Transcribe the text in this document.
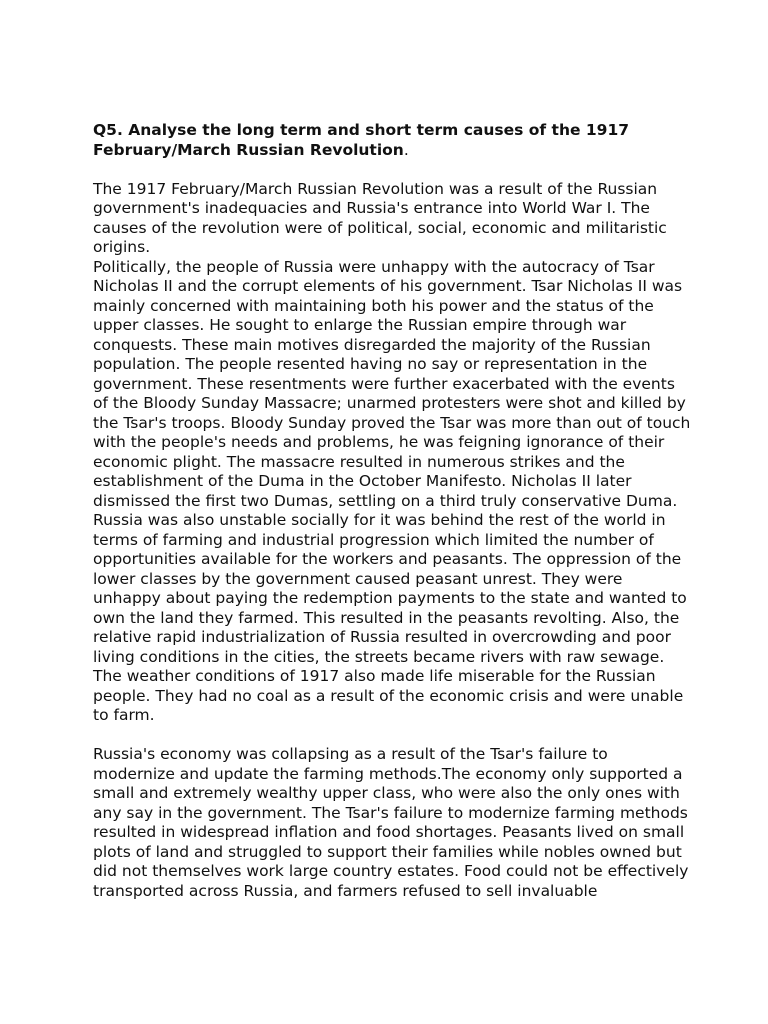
Q5. Analyse the long term and short term causes of the 1917 February/March Russian Revolution.

The 1917 February/March Russian Revolution was a result of the Russian government's inadequacies and Russia's entrance into World War I. The causes of the revolution were of political, social, economic and militaristic origins.

Politically, the people of Russia were unhappy with the autocracy of Tsar Nicholas II and the corrupt elements of his government. Tsar Nicholas II was mainly concerned with maintaining both his power and the status of the upper classes. He sought to enlarge the Russian empire through war conquests. These main motives disregarded the majority of the Russian population. The people resented having no say or representation in the government. These resentments were further exacerbated with the events of the Bloody Sunday Massacre; unarmed protesters were shot and killed by the Tsar's troops. Bloody Sunday proved the Tsar was more than out of touch with the people's needs and problems, he was feigning ignorance of their economic plight. The massacre resulted in numerous strikes and the establishment of the Duma in the October Manifesto. Nicholas II later dismissed the first two Dumas, settling on a third truly conservative Duma.

Russia was also unstable socially for it was behind the rest of the world in terms of farming and industrial progression which limited the number of opportunities available for the workers and peasants. The oppression of the lower classes by the government caused peasant unrest. They were unhappy about paying the redemption payments to the state and wanted to own the land they farmed. This resulted in the peasants revolting. Also, the relative rapid industrialization of Russia resulted in overcrowding and poor living conditions in the cities, the streets became rivers with raw sewage. The weather conditions of 1917 also made life miserable for the Russian people. They had no coal as a result of the economic crisis and were unable to farm.

Russia's economy was collapsing as a result of the Tsar's failure to modernize and update the farming methods.The economy only supported a small and extremely wealthy upper class, who were also the only ones with any say in the government. The Tsar's failure to modernize farming methods resulted in widespread inflation and food shortages. Peasants lived on small plots of land and struggled to support their families while nobles owned but did not themselves work large country estates. Food could not be effectively transported across Russia, and farmers refused to sell invaluable
